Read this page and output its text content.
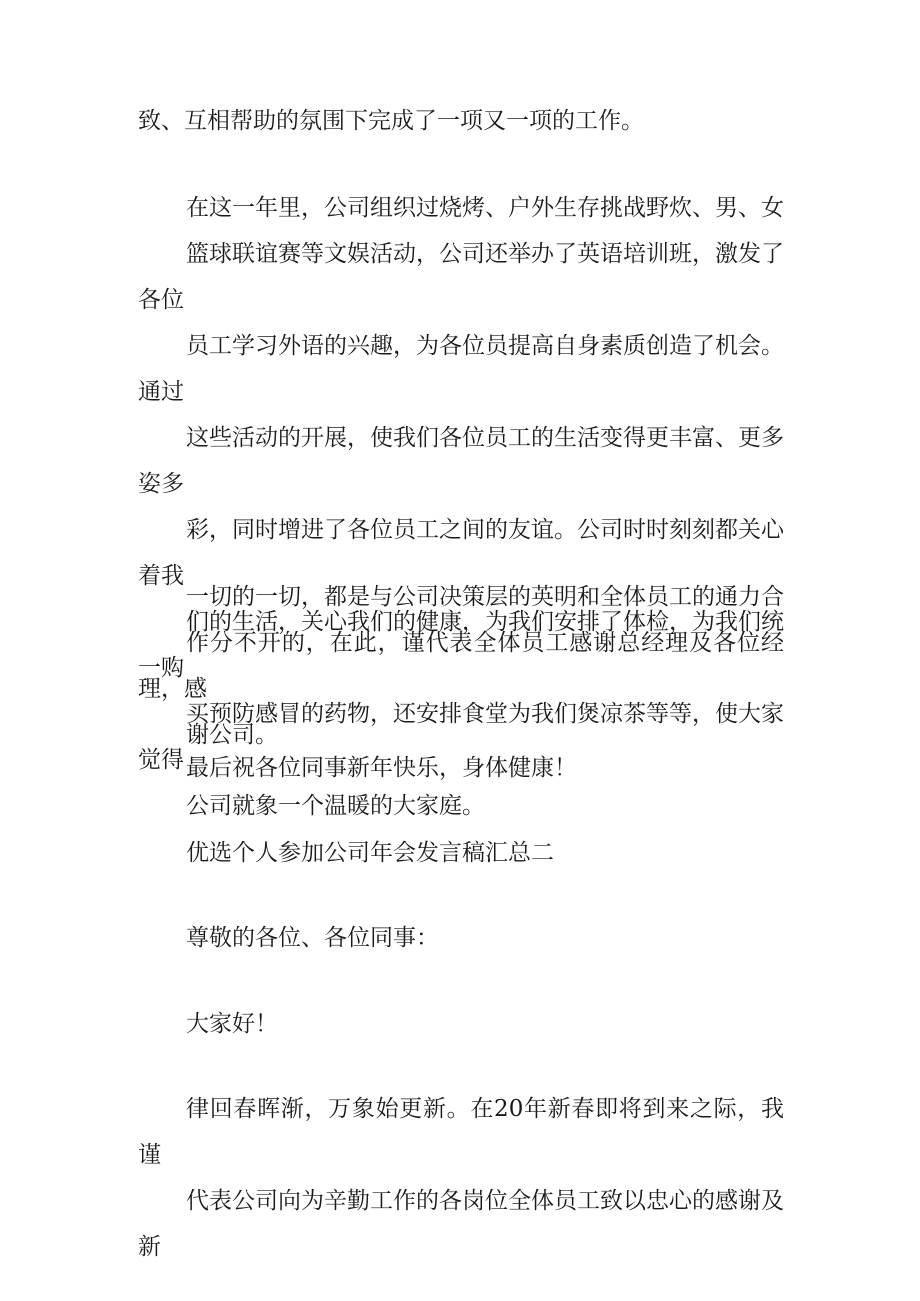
致、互相帮助的氛围下完成了一项又一项的工作。

在这一年里，公司组织过烧烤、户外生存挑战野炊、男、女
篮球联谊赛等文娱活动，公司还举办了英语培训班，激发了各位
员工学习外语的兴趣，为各位员提高自身素质创造了机会。通过
这些活动的开展，使我们各位员工的生活变得更丰富、更多姿多
彩，同时增进了各位员工之间的友谊。公司时时刻刻都关心着我
们的生活，关心我们的健康，为我们安排了体检，为我们统一购
买预防感冒的药物，还安排食堂为我们煲凉茶等等，使大家觉得
公司就象一个温暖的大家庭。

一切的一切，都是与公司决策层的英明和全体员工的通力合
作分不开的，在此，谨代表全体员工感谢总经理及各位经理，感
谢公司。

最后祝各位同事新年快乐，身体健康！

优选个人参加公司年会发言稿汇总二

尊敬的各位、各位同事：

大家好！

律回春晖渐，万象始更新。在20年新春即将到来之际，我谨
代表公司向为辛勤工作的各岗位全体员工致以忠心的感谢及新
